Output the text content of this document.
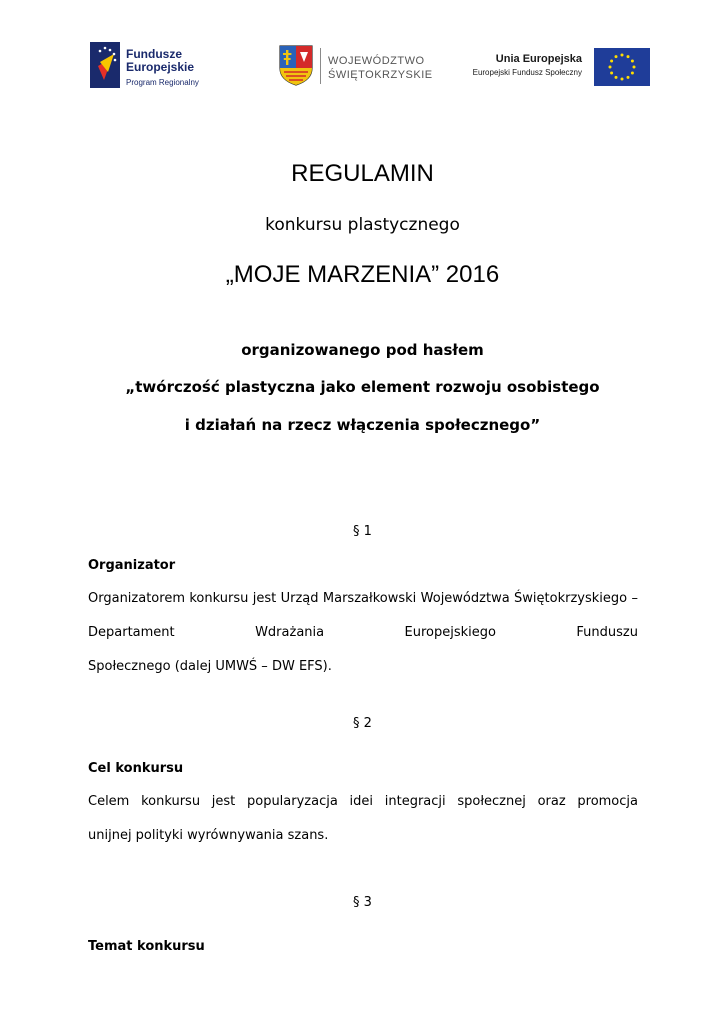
Fundusze
Europejskie
Program Regionalny
WOJEWÓDZTWO
ŚWIĘTOKRZYSKIE
Unia Europejska
Europejski Fundusz Społeczny
REGULAMIN
konkursu plastycznego
„MOJE MARZENIA” 2016
organizowanego pod hasłem
„twórczość plastyczna jako element rozwoju osobistego
i działań na rzecz włączenia społecznego”
§ 1
Organizator
Organizatorem konkursu jest Urząd Marszałkowski Województwa Świętokrzyskiego – Departament Wdrażania Europejskiego Funduszu
Społecznego (dalej UMWŚ – DW EFS).
§ 2
Cel konkursu
Celem konkursu jest popularyzacja idei integracji społecznej oraz promocja
unijnej polityki wyrównywania szans.
§ 3
Temat konkursu
